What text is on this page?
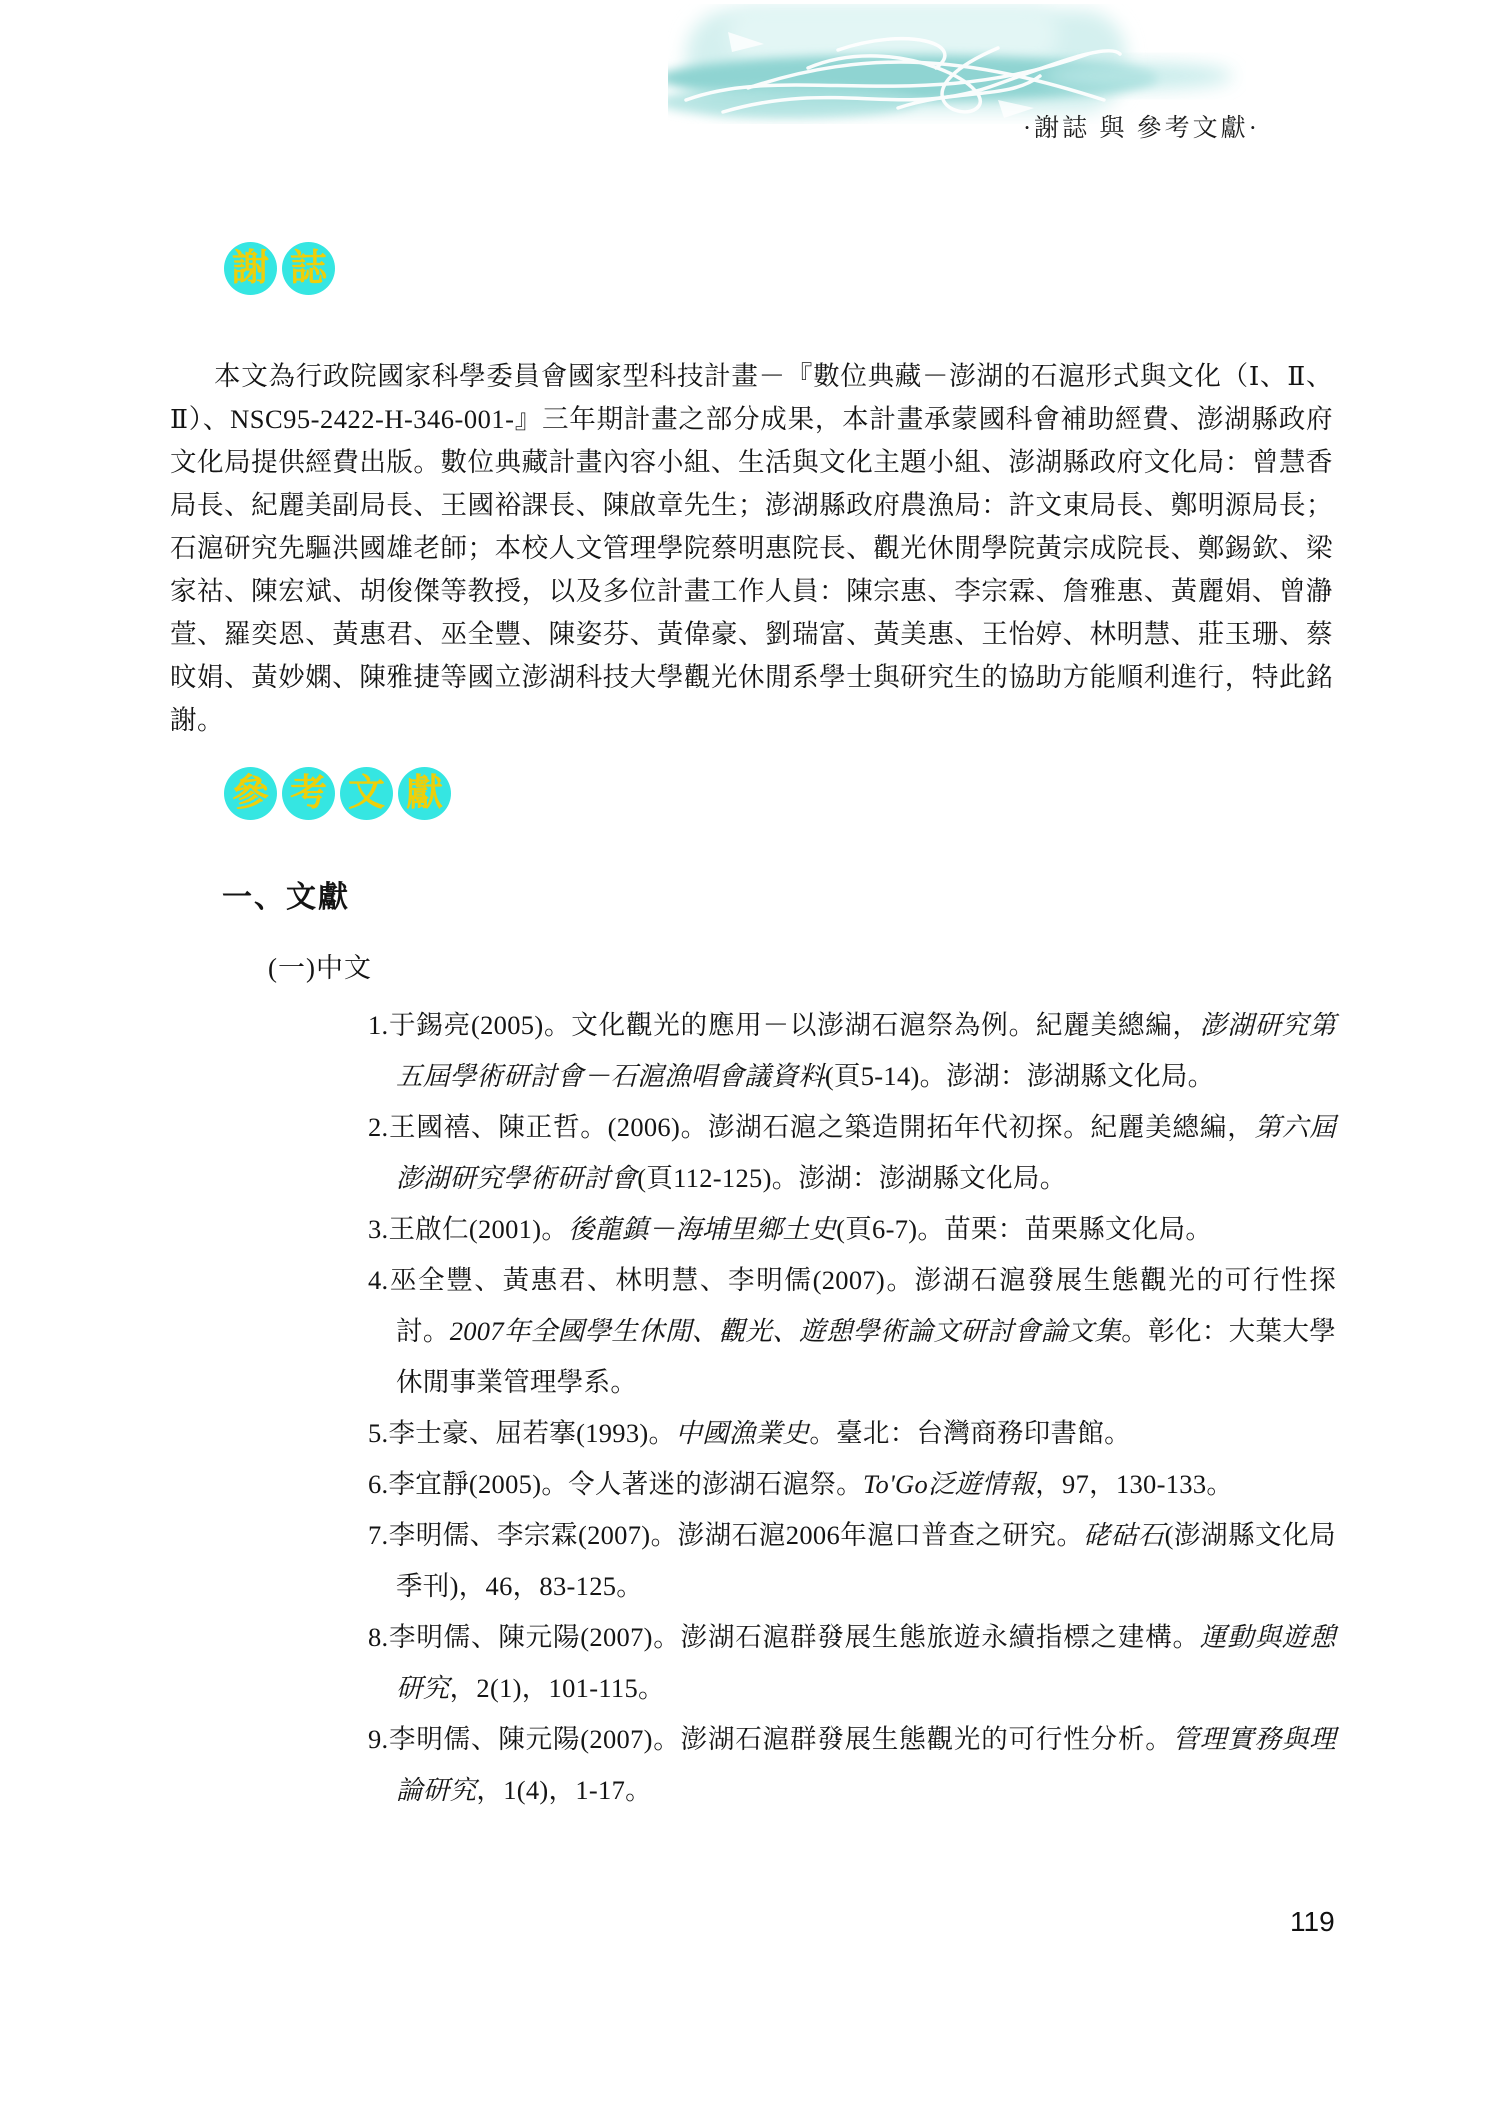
·謝誌 與 參考文獻·
謝 誌

本文為行政院國家科學委員會國家型科技計畫－『數位典藏－澎湖的石滬形式與文化（Ⅰ、Ⅱ、Ⅱ）、NSC95-2422-H-346-001-』三年期計畫之部分成果，本計畫承蒙國科會補助經費、澎湖縣政府文化局提供經費出版。數位典藏計畫內容小組、生活與文化主題小組、澎湖縣政府文化局：曾慧香局長、紀麗美副局長、王國裕課長、陳啟章先生；澎湖縣政府農漁局：許文東局長、鄭明源局長；石滬研究先驅洪國雄老師；本校人文管理學院蔡明惠院長、觀光休閒學院黃宗成院長、鄭錫欽、梁家祜、陳宏斌、胡俊傑等教授，以及多位計畫工作人員：陳宗惠、李宗霖、詹雅惠、黃麗娟、曾瀞萱、羅奕恩、黃惠君、巫全豐、陳姿芬、黃偉豪、劉瑞富、黃美惠、王怡婷、林明慧、莊玉珊、蔡旼娟、黃妙嫻、陳雅捷等國立澎湖科技大學觀光休閒系學士與研究生的協助方能順利進行，特此銘謝。

參 考 文 獻
一、文獻
(一)中文
1.于錫亮(2005)。文化觀光的應用－以澎湖石滬祭為例。紀麗美總編，澎湖研究第五屆學術研討會－石滬漁唱會議資料(頁5-14)。澎湖：澎湖縣文化局。
2.王國禧、陳正哲。(2006)。澎湖石滬之築造開拓年代初探。紀麗美總編，第六屆澎湖研究學術研討會(頁112-125)。澎湖：澎湖縣文化局。
3.王啟仁(2001)。後龍鎮－海埔里鄉土史(頁6-7)。苗栗：苗栗縣文化局。
4.巫全豐、黃惠君、林明慧、李明儒(2007)。澎湖石滬發展生態觀光的可行性探討。2007年全國學生休閒、觀光、遊憩學術論文研討會論文集。彰化：大葉大學休閒事業管理學系。
5.李士豪、屈若搴(1993)。中國漁業史。臺北：台灣商務印書館。
6.李宜靜(2005)。令人著迷的澎湖石滬祭。To'Go泛遊情報，97，130-133。
7.李明儒、李宗霖(2007)。澎湖石滬2006年滬口普查之研究。硓𥑮石(澎湖縣文化局季刊)，46，83-125。
8.李明儒、陳元陽(2007)。澎湖石滬群發展生態旅遊永續指標之建構。運動與遊憩研究，2(1)，101-115。
9.李明儒、陳元陽(2007)。澎湖石滬群發展生態觀光的可行性分析。管理實務與理論研究，1(4)，1-17。
119
